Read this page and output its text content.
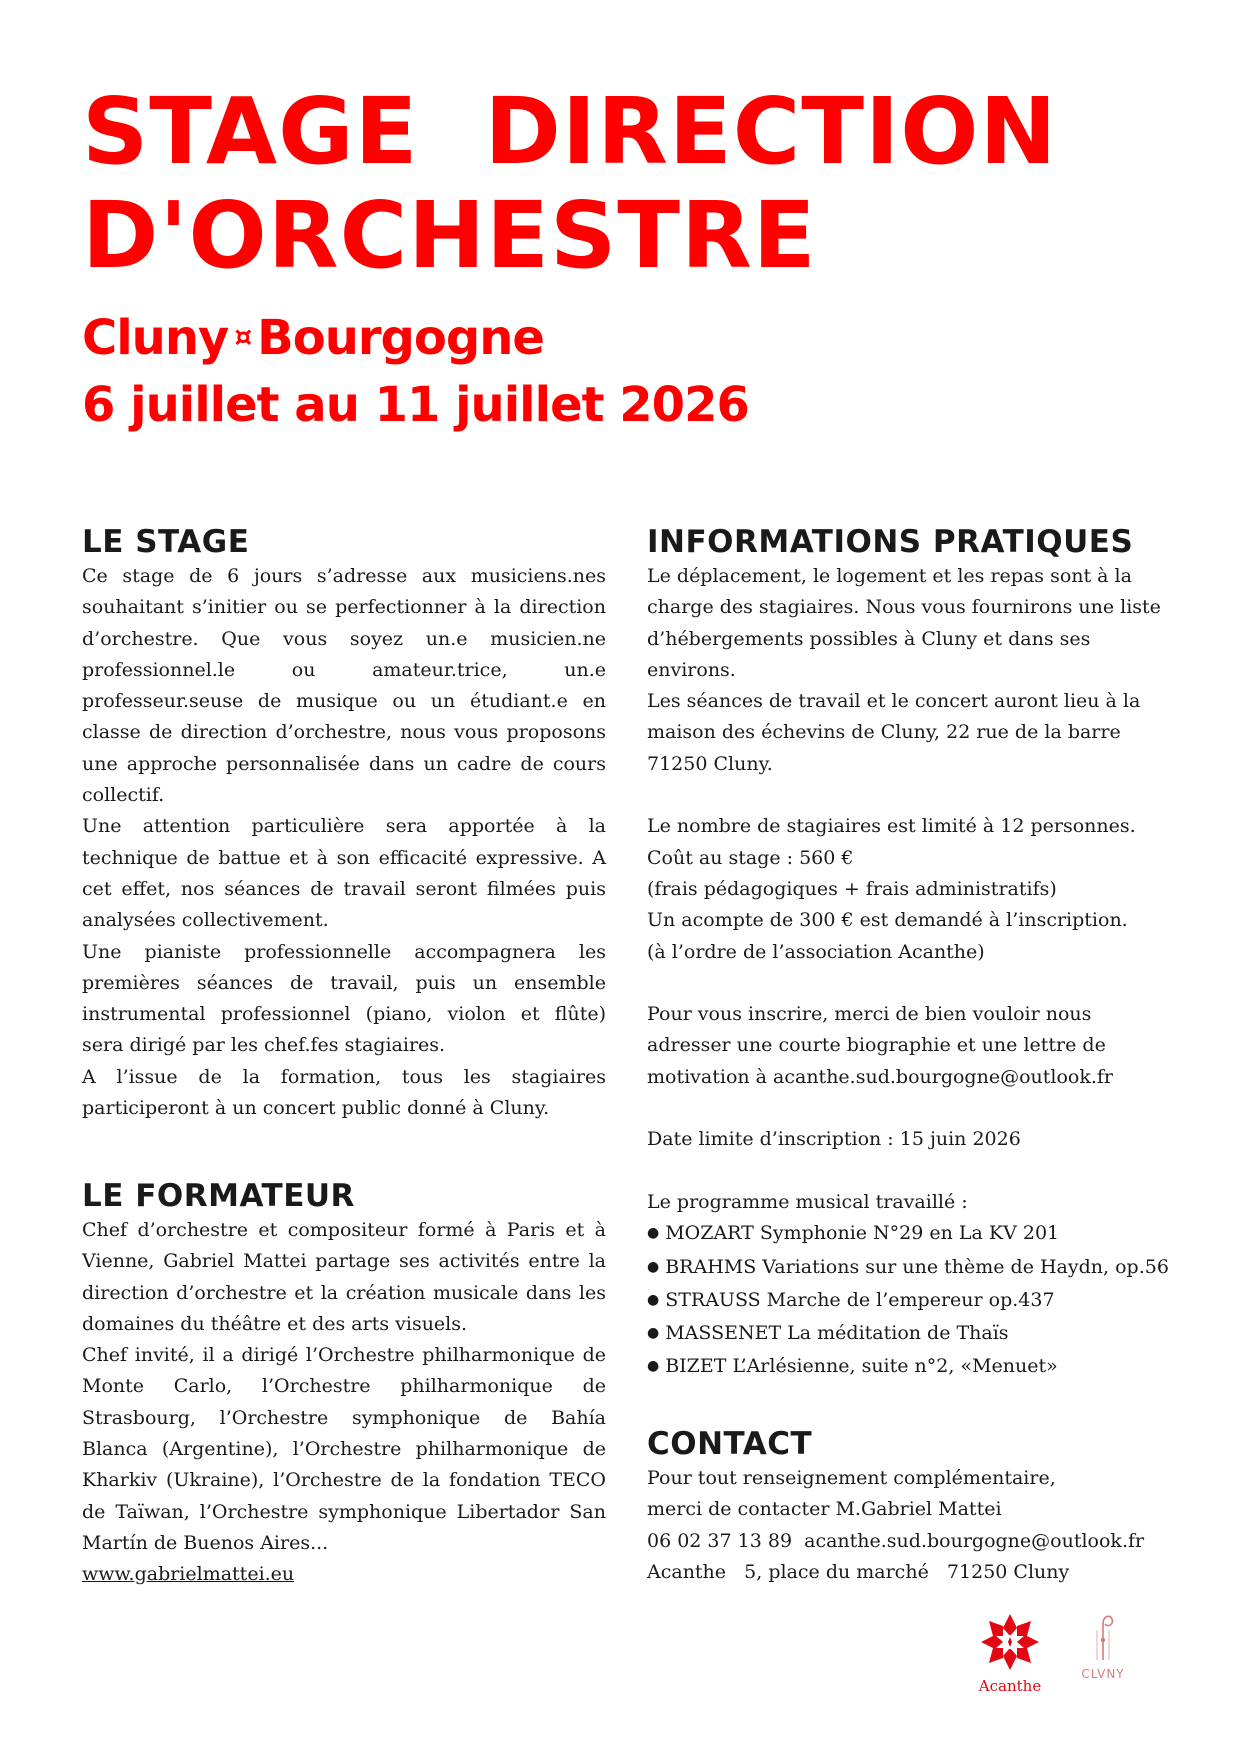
STAGE  DIRECTION
D'ORCHESTRE
Cluny ¤ Bourgogne
6 juillet au 11 juillet 2026
LE STAGE

Ce stage de 6 jours s’adresse aux musiciens.nes souhaitant s’initier ou se perfectionner à la direction d’orchestre. Que vous soyez un.e musicien.ne professionnel.le ou amateur.trice, un.e professeur.seuse de musique ou un étudiant.e en classe de direction d’orchestre, nous vous proposons une approche personnalisée dans un cadre de cours collectif.

Une attention particulière sera apportée à la technique de battue et à son efficacité expressive. A cet effet, nos séances de travail seront filmées puis analysées collectivement.

Une pianiste professionnelle accompagnera les premières séances de travail, puis un ensemble instrumental professionnel (piano, violon et flûte) sera dirigé par les chef.fes stagiaires.

A l’issue de la formation, tous les stagiaires participeront à un concert public donné à Cluny.

LE FORMATEUR

Chef d’orchestre et compositeur formé à Paris et à Vienne, Gabriel Mattei partage ses activités entre la direction d’orchestre et la création musicale dans les domaines du théâtre et des arts visuels.

Chef invité, il a dirigé l’Orchestre philharmonique de Monte Carlo, l’Orchestre philharmonique de Strasbourg, l’Orchestre symphonique de Bahía Blanca (Argentine), l’Orchestre philharmonique de Kharkiv (Ukraine), l’Orchestre de la fondation TECO de Taïwan, l’Orchestre symphonique Libertador San Martín de Buenos Aires...

www.gabrielmattei.eu

INFORMATIONS PRATIQUES

Le déplacement, le logement et les repas sont à la charge des stagiaires. Nous vous fournirons une liste d’hébergements possibles à Cluny et dans ses environs.

Les séances de travail et le concert auront lieu à la maison des échevins de Cluny, 22 rue de la barre 71250 Cluny.

Le nombre de stagiaires est limité à 12 personnes.

Coût au stage : 560 €

(frais pédagogiques + frais administratifs)

Un acompte de 300 € est demandé à l’inscription.

(à l’ordre de l’association Acanthe)

Pour vous inscrire, merci de bien vouloir nous adresser une courte biographie et une lettre de motivation à acanthe.sud.bourgogne@outlook.fr

Date limite d’inscription : 15 juin 2026

Le programme musical travaillé :

● MOZART Symphonie N°29 en La KV 201
● BRAHMS Variations sur une thème de Haydn, op.56
● STRAUSS Marche de l’empereur op.437
● MASSENET La méditation de Thaïs
● BIZET L’Arlésienne, suite n°2, «Menuet»
CONTACT

Pour tout renseignement complémentaire,

merci de contacter M.Gabriel Mattei

06 02 37 13 89  acanthe.sud.bourgogne@outlook.fr

Acanthe   5, place du marché   71250 Cluny

Acanthe
CLVNY
